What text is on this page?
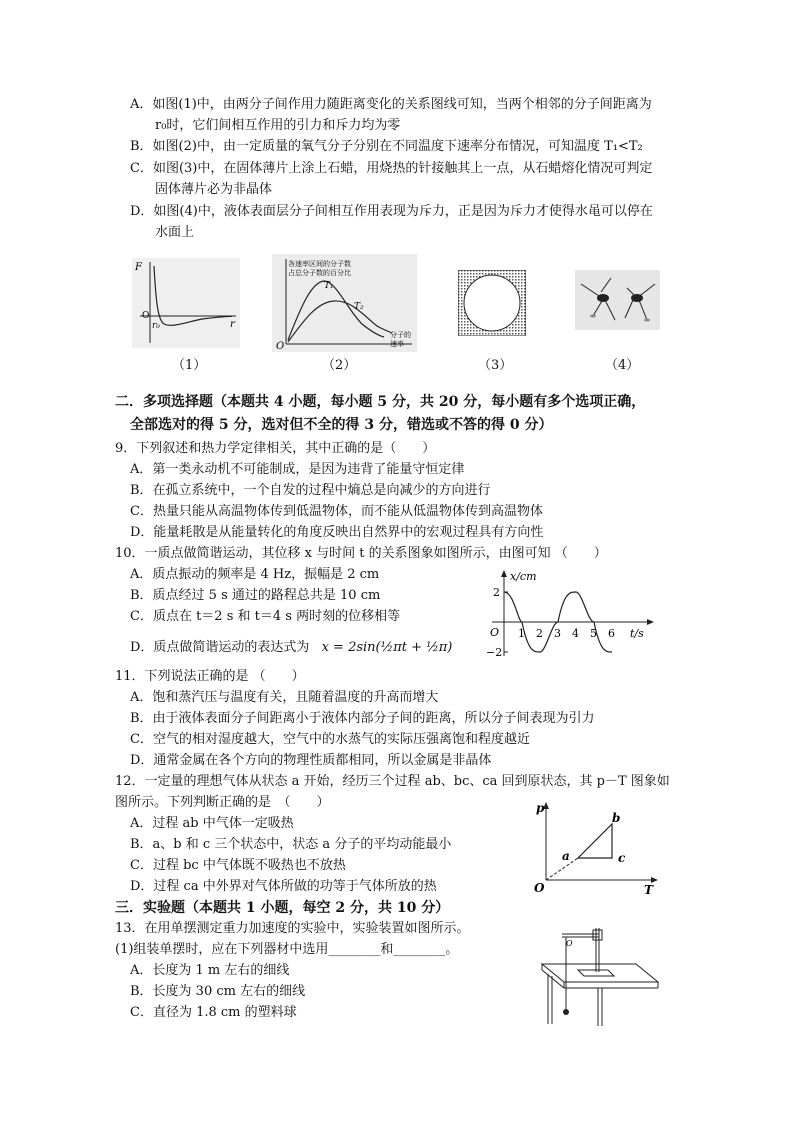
A．如图(1)中，由两分子间作用力随距离变化的关系图线可知，当两个相邻的分子间距离为
r₀时，它们间相互作用的引力和斥力均为零
B．如图(2)中，由一定质量的氧气分子分别在不同温度下速率分布情况，可知温度 T₁<T₂
C．如图(3)中，在固体薄片上涂上石蜡，用烧热的针接触其上一点，从石蜡熔化情况可判定
固体薄片必为非晶体
D．如图(4)中，液体表面层分子间相互作用表现为斥力，正是因为斥力才使得水黾可以停在
水面上
F
r
O
r₀
（1）
各速率区间的分子数
占总分子数的百分比
T₁
T₂
分子的
速率
O
（2）	（3）	（4）
二．多项选择题（本题共 4 小题，每小题 5 分，共 20 分，每小题有多个选项正确，
全部选对的得 5 分，选对但不全的得 3 分，错选或不答的得 0 分）
9．下列叙述和热力学定律相关，其中正确的是（　　）
A．第一类永动机不可能制成，是因为违背了能量守恒定律
B．在孤立系统中，一个自发的过程中熵总是向减少的方向进行
C．热量只能从高温物体传到低温物体，而不能从低温物体传到高温物体
D．能量耗散是从能量转化的角度反映出自然界中的宏观过程具有方向性
10．一质点做简谐运动，其位移 x 与时间 t 的关系图象如图所示，由图可知 （　　）
A．质点振动的频率是 4 Hz，振幅是 2 cm
B．质点经过 5 s 通过的路程总共是 10 cm
C．质点在 t＝2 s 和 t＝4 s 两时刻的位移相等
D．质点做简谐运动的表达式为 x = 2sin(½πt + ½π)
x/cm
t/s
O
2
−2
1 2 3 4 5 6
11．下列说法正确的是 （　　）
A．饱和蒸汽压与温度有关，且随着温度的升高而增大
B．由于液体表面分子间距离小于液体内部分子间的距离，所以分子间表现为引力
C．空气的相对湿度越大，空气中的水蒸气的实际压强离饱和程度越近
D．通常金属在各个方向的物理性质都相同，所以金属是非晶体
12．一定量的理想气体从状态 a 开始，经历三个过程 ab、bc、ca 回到原状态，其 p－T 图象如
图所示。下列判断正确的是　（　　）
A．过程 ab 中气体一定吸热
B．a、b 和 c 三个状态中，状态 a 分子的平均动能最小
C．过程 bc 中气体既不吸热也不放热
D．过程 ca 中外界对气体所做的功等于气体所放的热
p
T
O
a
b
c
三．实验题（本题共 1 小题，每空 2 分，共 10 分）
13．在用单摆测定重力加速度的实验中，实验装置如图所示。
(1)组装单摆时，应在下列器材中选用________和________。
A．长度为 1 m 左右的细线
B．长度为 30 cm 左右的细线
C．直径为 1.8 cm 的塑料球
O
